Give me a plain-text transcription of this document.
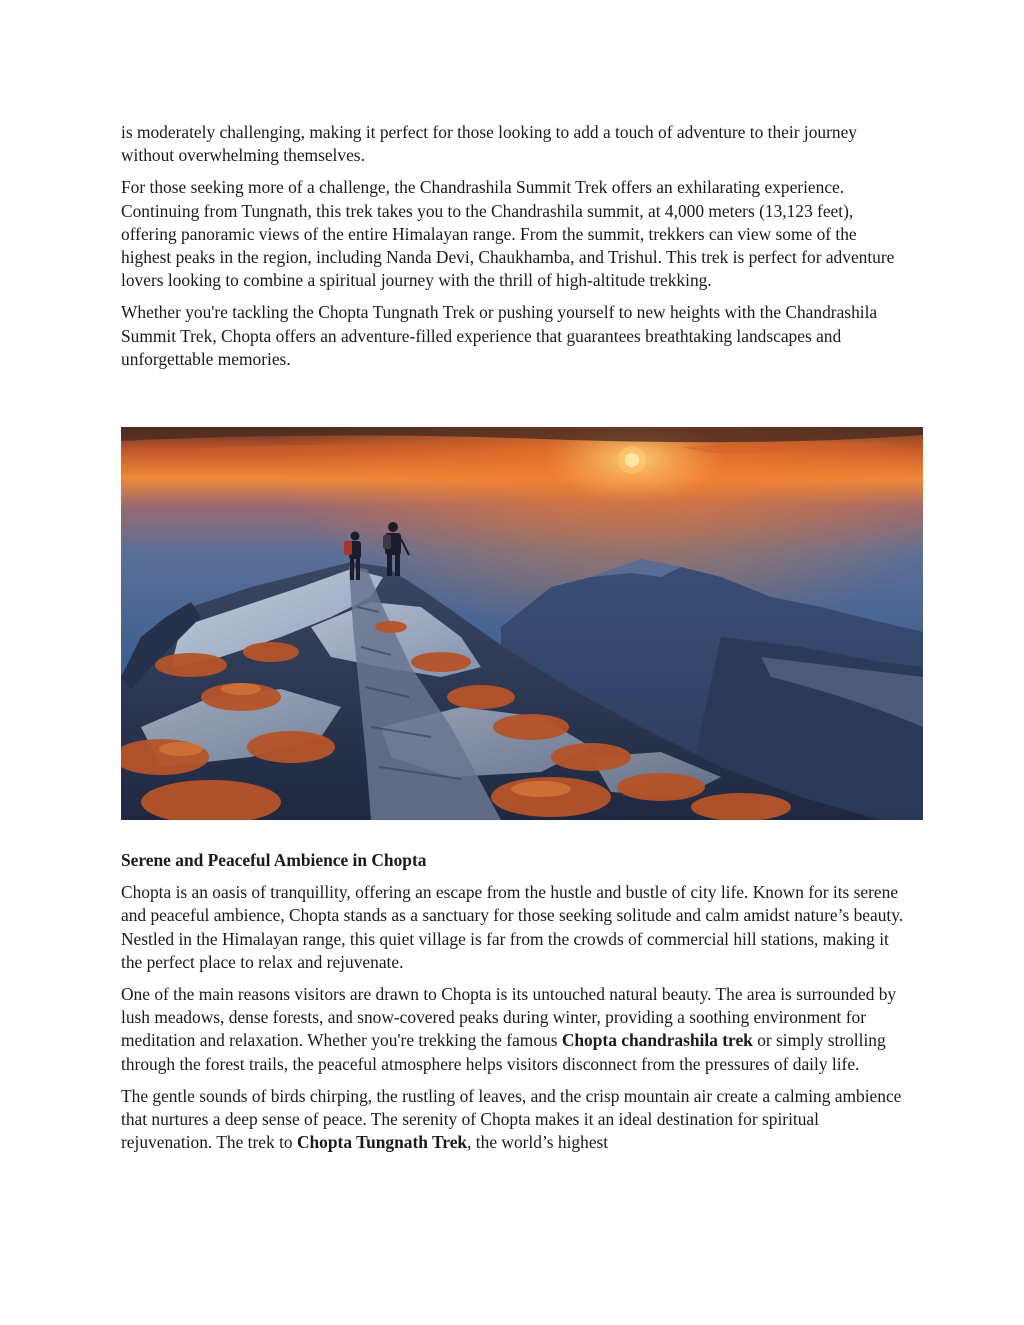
is moderately challenging, making it perfect for those looking to add a touch of adventure to their journey without overwhelming themselves.

For those seeking more of a challenge, the Chandrashila Summit Trek offers an exhilarating experience. Continuing from Tungnath, this trek takes you to the Chandrashila summit, at 4,000 meters (13,123 feet), offering panoramic views of the entire Himalayan range. From the summit, trekkers can view some of the highest peaks in the region, including Nanda Devi, Chaukhamba, and Trishul. This trek is perfect for adventure lovers looking to combine a spiritual journey with the thrill of high-altitude trekking.

Whether you're tackling the Chopta Tungnath Trek or pushing yourself to new heights with the Chandrashila Summit Trek, Chopta offers an adventure-filled experience that guarantees breathtaking landscapes and unforgettable memories.

Serene and Peaceful Ambience in Chopta

Chopta is an oasis of tranquillity, offering an escape from the hustle and bustle of city life. Known for its serene and peaceful ambience, Chopta stands as a sanctuary for those seeking solitude and calm amidst nature’s beauty. Nestled in the Himalayan range, this quiet village is far from the crowds of commercial hill stations, making it the perfect place to relax and rejuvenate.

One of the main reasons visitors are drawn to Chopta is its untouched natural beauty. The area is surrounded by lush meadows, dense forests, and snow-covered peaks during winter, providing a soothing environment for meditation and relaxation. Whether you're trekking the famous Chopta chandrashila trek or simply strolling through the forest trails, the peaceful atmosphere helps visitors disconnect from the pressures of daily life.

The gentle sounds of birds chirping, the rustling of leaves, and the crisp mountain air create a calming ambience that nurtures a deep sense of peace. The serenity of Chopta makes it an ideal destination for spiritual rejuvenation. The trek to Chopta Tungnath Trek, the world’s highest
